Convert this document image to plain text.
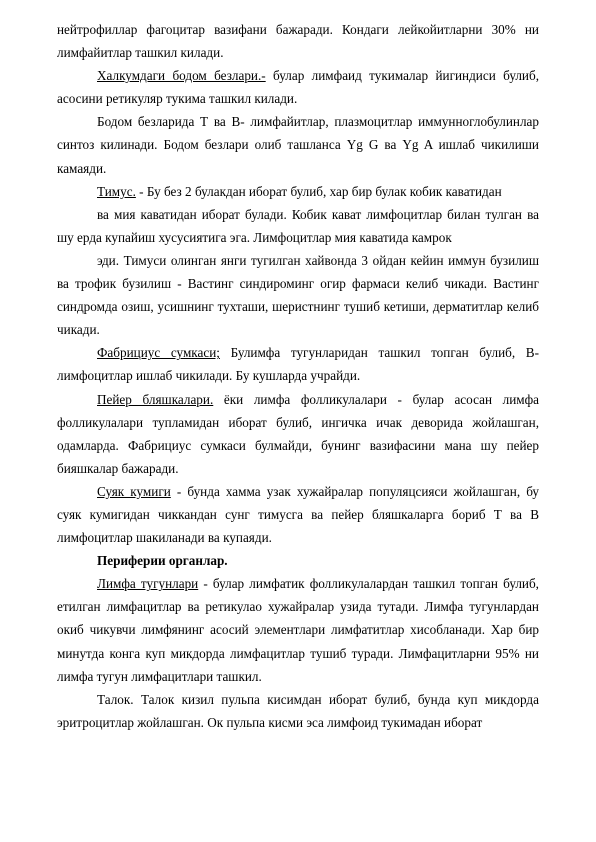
нейтрофиллар фагоцитар вазифани бажаради. Кондаги лейкойитларни 30% ни лимфайитлар ташкил килади.

Халкумдаги бодом безлари.- булар лимфаид тукималар йигиндиси булиб, асосини ретикуляр тукима ташкил килади.

Бодом безларида Т ва В- лимфайитлар, плазмоцитлар иммунноглобулинлар синтоз килинади. Бодом безлари олиб ташланса Yg G ва Yg A ишлаб чикилиши камаяди.

Тимус. - Бу без 2 булакдан иборат булиб, хар бир булак кобик каватидан

ва мия каватидан иборат булади. Кобик кават лимфоцитлар билан тулган ва шу ерда купайиш хусусиятига эга. Лимфоцитлар мия каватида камрок

эди. Тимуси олинган янги тугилган хайвонда 3 ойдан кейин иммун бузилиш ва трофик бузилиш - Вастинг синдироминг огир фармаси келиб чикади. Вастинг синдромда озиш, усишнинг тухташи, шеристнинг тушиб кетиши, дерматитлар келиб чикади.

Фабрициус сумкаси; Булимфа тугунларидан ташкил топган булиб, В-лимфоцитлар ишлаб чикилади. Бу кушларда учрайди.

Пейер бляшкалари. ёки лимфа фолликулалари - булар асосан лимфа фолликулалари тупламидан иборат булиб, ингичка ичак деворида жойлашган, одамларда. Фабрициус сумкаси булмайди, бунинг вазифасини мана шу пейер бияшкалар бажаради.

Суяк кумиги - бунда хамма узак хужайралар популяцсияси жойлашган, бу суяк кумигидан чиккандан сунг тимусга ва пейер бляшкаларга бориб Т ва В лимфоцитлар шакиланади ва купаяди.

Периферии органлар.

Лимфа тугунлари - булар лимфатик фолликулалардан ташкил топган булиб, етилган лимфацитлар ва ретикулао хужайралар узида тутади. Лимфа тугунлардан окиб чикувчи лимфянинг асосий элементлари лимфатитлар хисобланади. Хар бир минутда конга куп микдорда лимфацитлар тушиб туради. Лимфацитларни 95% ни лимфа тугун лимфацитлари ташкил.

Талок. Талок кизил пульпа кисимдан иборат булиб, бунда куп микдорда эритроцитлар жойлашган. Ок пульпа кисми эса лимфоид тукимадан иборат
